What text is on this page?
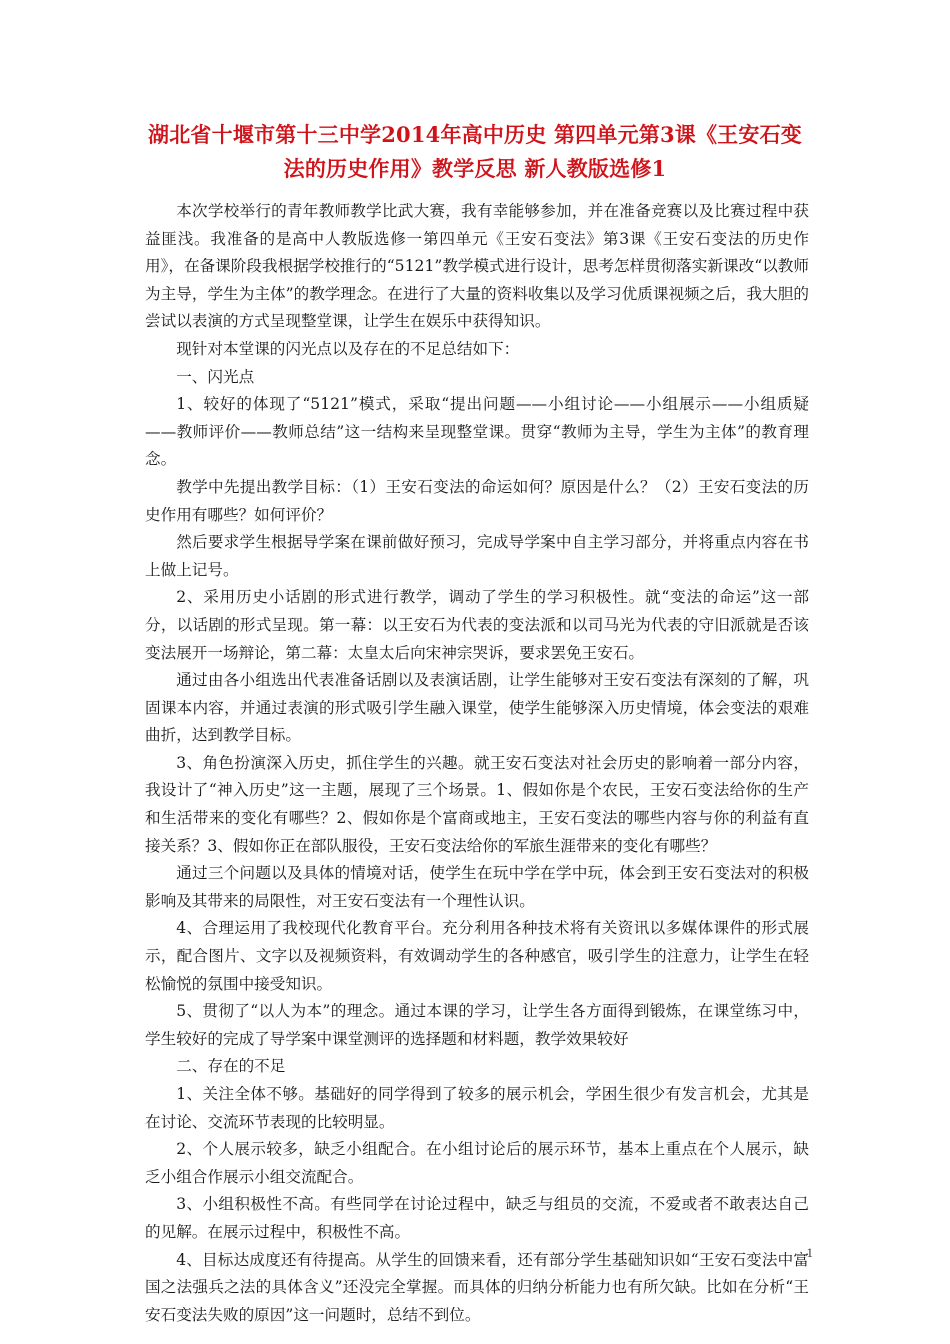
湖北省十堰市第十三中学2014年高中历史 第四单元第3课《王安石变法的历史作用》教学反思 新人教版选修1

本次学校举行的青年教师教学比武大赛，我有幸能够参加，并在准备竞赛以及比赛过程中获益匪浅。我准备的是高中人教版选修一第四单元《王安石变法》第3课《王安石变法的历史作用》，在备课阶段我根据学校推行的“5121”教学模式进行设计，思考怎样贯彻落实新课改“以教师为主导，学生为主体”的教学理念。在进行了大量的资料收集以及学习优质课视频之后，我大胆的尝试以表演的方式呈现整堂课，让学生在娱乐中获得知识。

现针对本堂课的闪光点以及存在的不足总结如下：

一、闪光点

1、较好的体现了“5121”模式，采取“提出问题——小组讨论——小组展示——小组质疑——教师评价——教师总结”这一结构来呈现整堂课。贯穿“教师为主导，学生为主体”的教育理念。

教学中先提出教学目标：（1）王安石变法的命运如何？原因是什么？（2）王安石变法的历史作用有哪些？如何评价？

然后要求学生根据导学案在课前做好预习，完成导学案中自主学习部分，并将重点内容在书上做上记号。

2、采用历史小话剧的形式进行教学，调动了学生的学习积极性。就“变法的命运”这一部分，以话剧的形式呈现。第一幕：以王安石为代表的变法派和以司马光为代表的守旧派就是否该变法展开一场辩论，第二幕：太皇太后向宋神宗哭诉，要求罢免王安石。

通过由各小组选出代表准备话剧以及表演话剧，让学生能够对王安石变法有深刻的了解，巩固课本内容，并通过表演的形式吸引学生融入课堂，使学生能够深入历史情境，体会变法的艰难曲折，达到教学目标。

3、角色扮演深入历史，抓住学生的兴趣。就王安石变法对社会历史的影响着一部分内容，我设计了“神入历史”这一主题，展现了三个场景。1、假如你是个农民，王安石变法给你的生产和生活带来的变化有哪些？2、假如你是个富商或地主，王安石变法的哪些内容与你的利益有直接关系？3、假如你正在部队服役，王安石变法给你的军旅生涯带来的变化有哪些？

通过三个问题以及具体的情境对话，使学生在玩中学在学中玩，体会到王安石变法对的积极影响及其带来的局限性，对王安石变法有一个理性认识。

4、合理运用了我校现代化教育平台。充分利用各种技术将有关资讯以多媒体课件的形式展示，配合图片、文字以及视频资料，有效调动学生的各种感官，吸引学生的注意力，让学生在轻松愉悦的氛围中接受知识。

5、贯彻了“以人为本”的理念。通过本课的学习，让学生各方面得到锻炼，在课堂练习中，学生较好的完成了导学案中课堂测评的选择题和材料题，教学效果较好

二、存在的不足

1、关注全体不够。基础好的同学得到了较多的展示机会，学困生很少有发言机会，尤其是在讨论、交流环节表现的比较明显。

2、个人展示较多，缺乏小组配合。在小组讨论后的展示环节，基本上重点在个人展示，缺乏小组合作展示小组交流配合。

3、小组积极性不高。有些同学在讨论过程中，缺乏与组员的交流，不爱或者不敢表达自己的见解。在展示过程中，积极性不高。

4、目标达成度还有待提高。从学生的回馈来看，还有部分学生基础知识如“王安石变法中富国之法强兵之法的具体含义”还没完全掌握。而具体的归纳分析能力也有所欠缺。比如在分析“王安石变法失败的原因”这一问题时，总结不到位。

1
